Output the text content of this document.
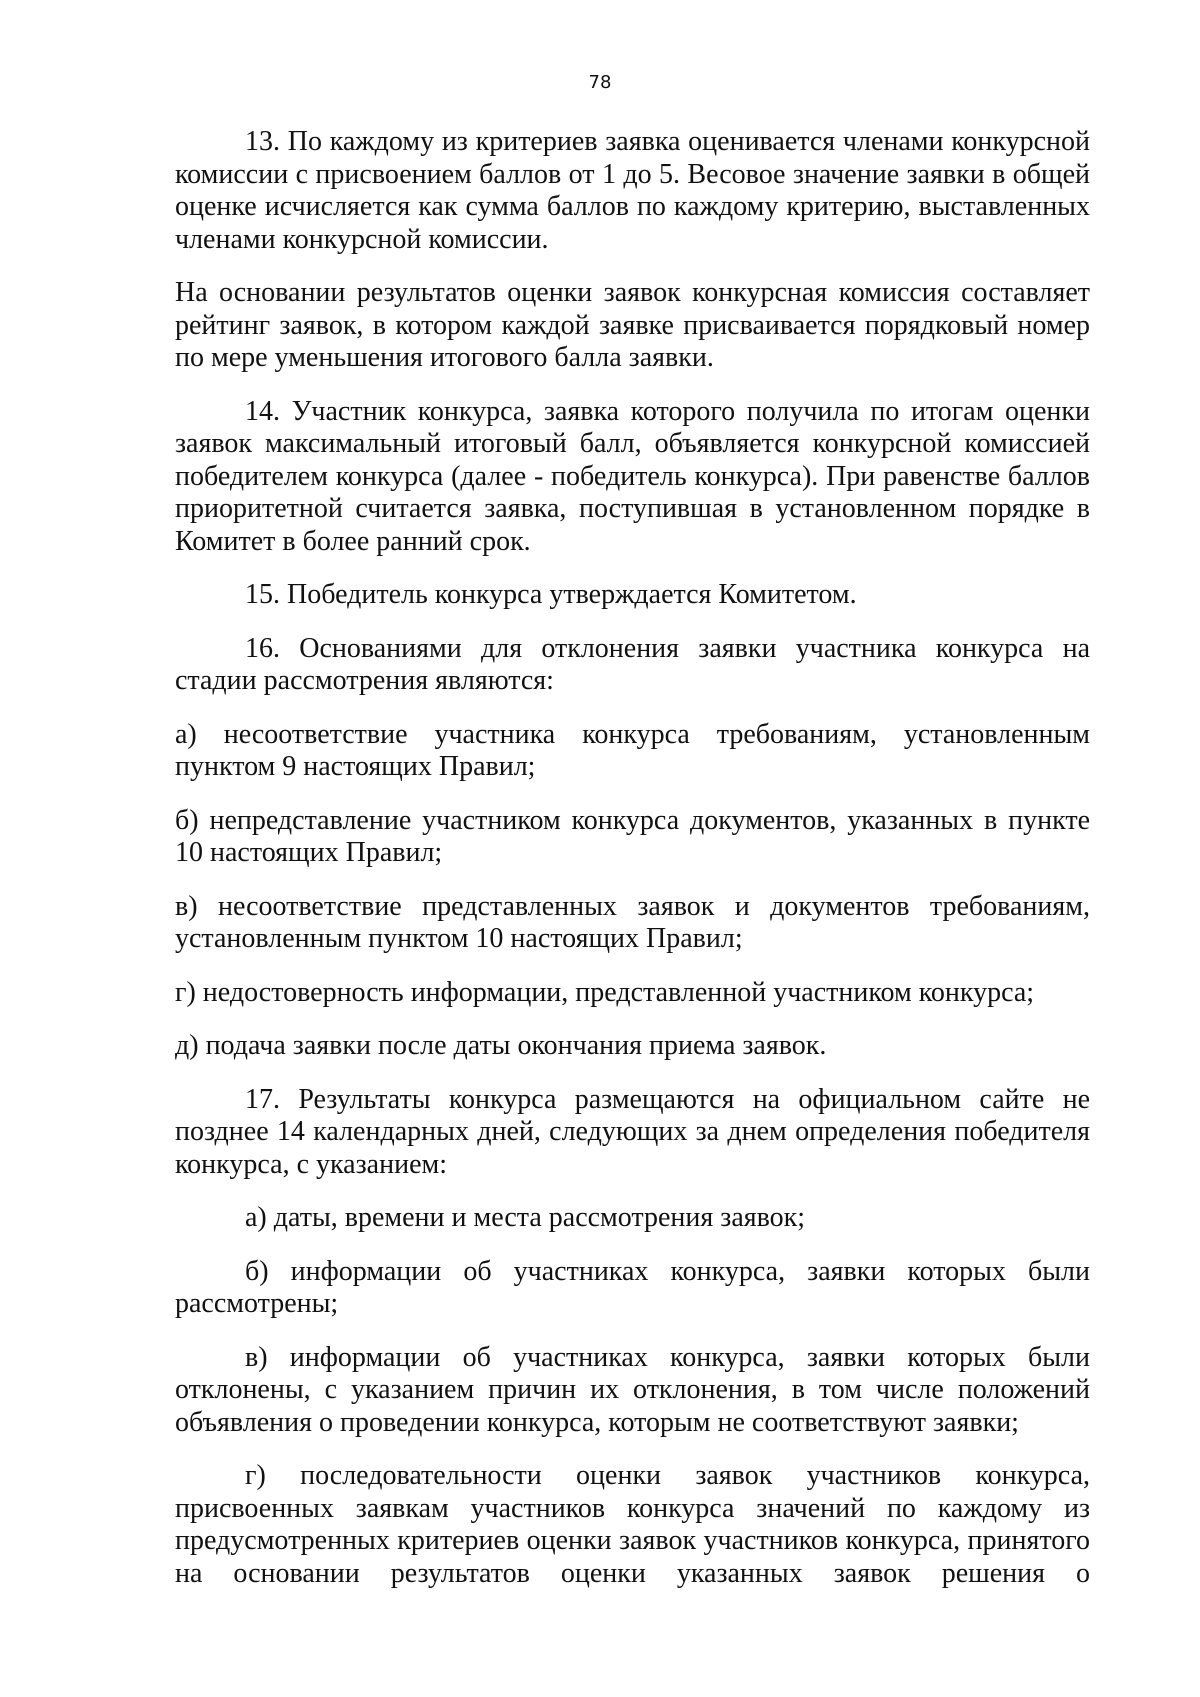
78

13. По каждому из критериев заявка оценивается членами конкурсной комиссии с присвоением баллов от 1 до 5. Весовое значение заявки в общей оценке исчисляется как сумма баллов по каждому критерию, выставленных членами конкурсной комиссии.

На основании результатов оценки заявок конкурсная комиссия составляет рейтинг заявок, в котором каждой заявке присваивается порядковый номер по мере уменьшения итогового балла заявки.

14. Участник конкурса, заявка которого получила по итогам оценки заявок максимальный итоговый балл, объявляется конкурсной комиссией победителем конкурса (далее - победитель конкурса). При равенстве баллов приоритетной считается заявка, поступившая в установленном порядке в Комитет в более ранний срок.

15. Победитель конкурса утверждается Комитетом.

16. Основаниями для отклонения заявки участника конкурса на стадии рассмотрения являются:

а) несоответствие участника конкурса требованиям, установленным пунктом 9 настоящих Правил;

б) непредставление участником конкурса документов, указанных в пункте 10 настоящих Правил;

в) несоответствие представленных заявок и документов требованиям, установленным пунктом 10 настоящих Правил;

г) недостоверность информации, представленной участником конкурса;

д) подача заявки после даты окончания приема заявок.

17. Результаты конкурса размещаются на официальном сайте не позднее 14 календарных дней, следующих за днем определения победителя конкурса, с указанием:

а) даты, времени и места рассмотрения заявок;

б) информации об участниках конкурса, заявки которых были рассмотрены;

в) информации об участниках конкурса, заявки которых были отклонены, с указанием причин их отклонения, в том числе положений объявления о проведении конкурса, которым не соответствуют заявки;

г) последовательности оценки заявок участников конкурса, присвоенных заявкам участников конкурса значений по каждому из предусмотренных критериев оценки заявок участников конкурса, принятого на основании результатов оценки указанных заявок решения о
